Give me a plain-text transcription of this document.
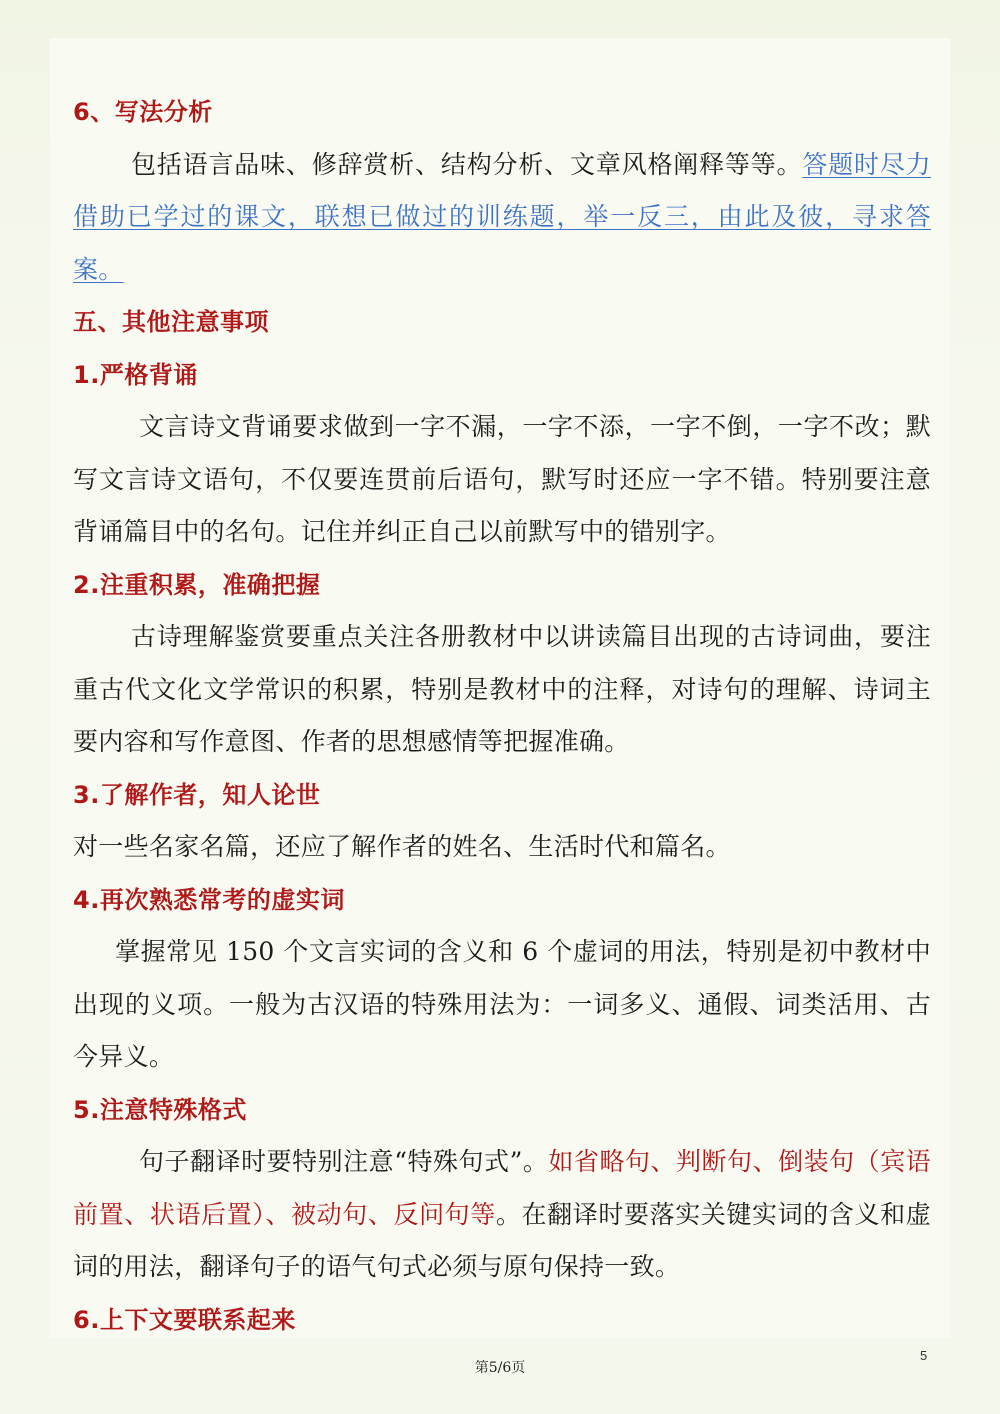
6、写法分析
包括语言品味、修辞赏析、结构分析、文章风格阐释等等。答题时尽力借助已学过的课文，联想已做过的训练题，举一反三，由此及彼，寻求答案。
五、其他注意事项
1.严格背诵
文言诗文背诵要求做到一字不漏，一字不添，一字不倒，一字不改；默写文言诗文语句，不仅要连贯前后语句，默写时还应一字不错。特别要注意背诵篇目中的名句。记住并纠正自己以前默写中的错别字。
2.注重积累，准确把握
古诗理解鉴赏要重点关注各册教材中以讲读篇目出现的古诗词曲，要注重古代文化文学常识的积累，特别是教材中的注释，对诗句的理解、诗词主要内容和写作意图、作者的思想感情等把握准确。
3.了解作者，知人论世
对一些名家名篇，还应了解作者的姓名、生活时代和篇名。
4.再次熟悉常考的虚实词
掌握常见 150 个文言实词的含义和 6 个虚词的用法，特别是初中教材中出现的义项。一般为古汉语的特殊用法为：一词多义、通假、词类活用、古今异义。
5.注意特殊格式
句子翻译时要特别注意“特殊句式”。如省略句、判断句、倒装句（宾语前置、状语后置）、被动句、反问句等。在翻译时要落实关键实词的含义和虚词的用法，翻译句子的语气句式必须与原句保持一致。
6.上下文要联系起来
5
第5/6页
